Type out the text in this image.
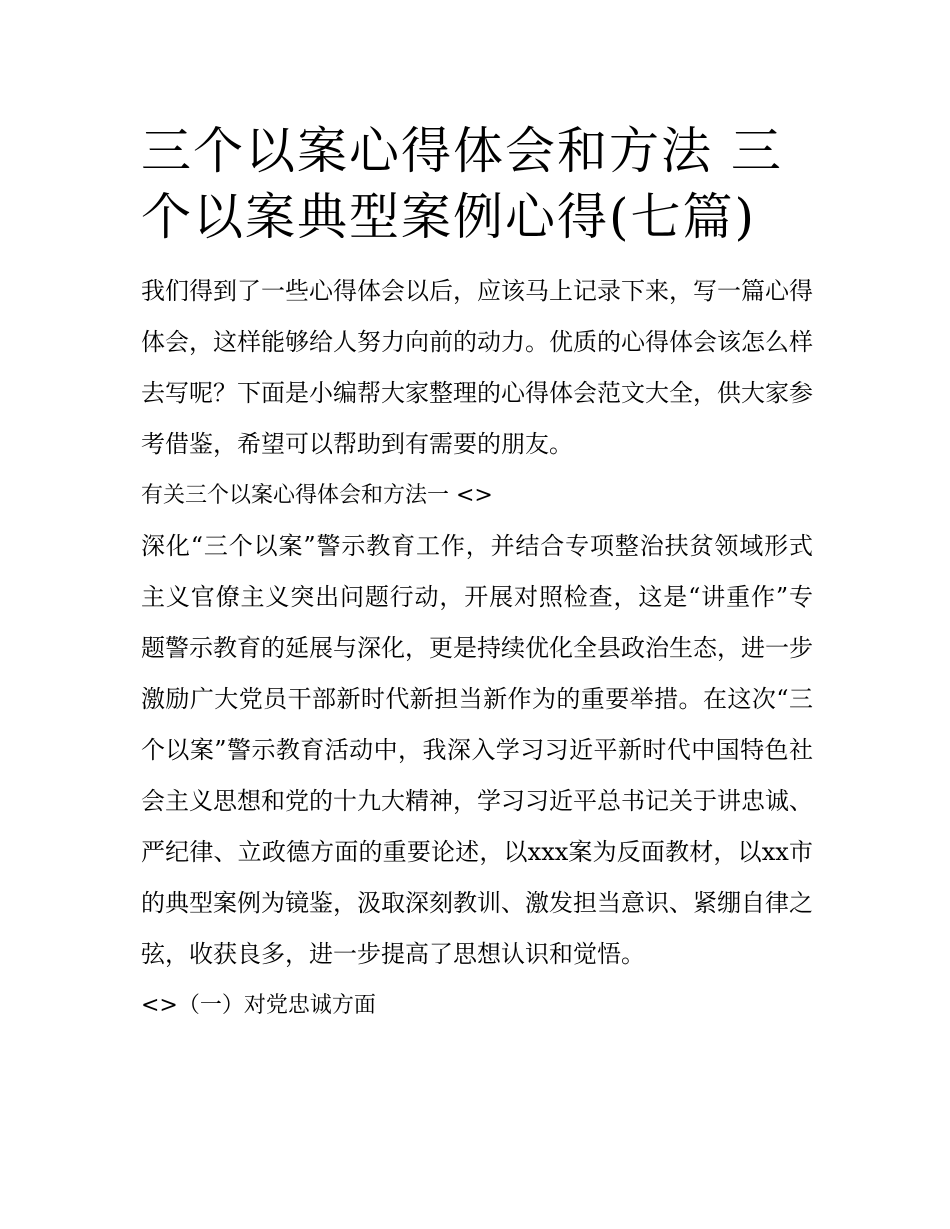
三个以案心得体会和方法 三个以案典型案例心得(七篇)

我们得到了一些心得体会以后，应该马上记录下来，写一篇心得体会，这样能够给人努力向前的动力。优质的心得体会该怎么样去写呢？下面是小编帮大家整理的心得体会范文大全，供大家参考借鉴，希望可以帮助到有需要的朋友。

有关三个以案心得体会和方法一 <>

深化“三个以案”警示教育工作，并结合专项整治扶贫领域形式主义官僚主义突出问题行动，开展对照检查，这是“讲重作”专题警示教育的延展与深化，更是持续优化全县政治生态，进一步激励广大党员干部新时代新担当新作为的重要举措。在这次“三个以案”警示教育活动中，我深入学习习近平新时代中国特色社会主义思想和党的十九大精神，学习习近平总书记关于讲忠诚、严纪律、立政德方面的重要论述，以xxx案为反面教材，以xx市的典型案例为镜鉴，汲取深刻教训、激发担当意识、紧绷自律之弦，收获良多，进一步提高了思想认识和觉悟。

<>（一）对党忠诚方面
